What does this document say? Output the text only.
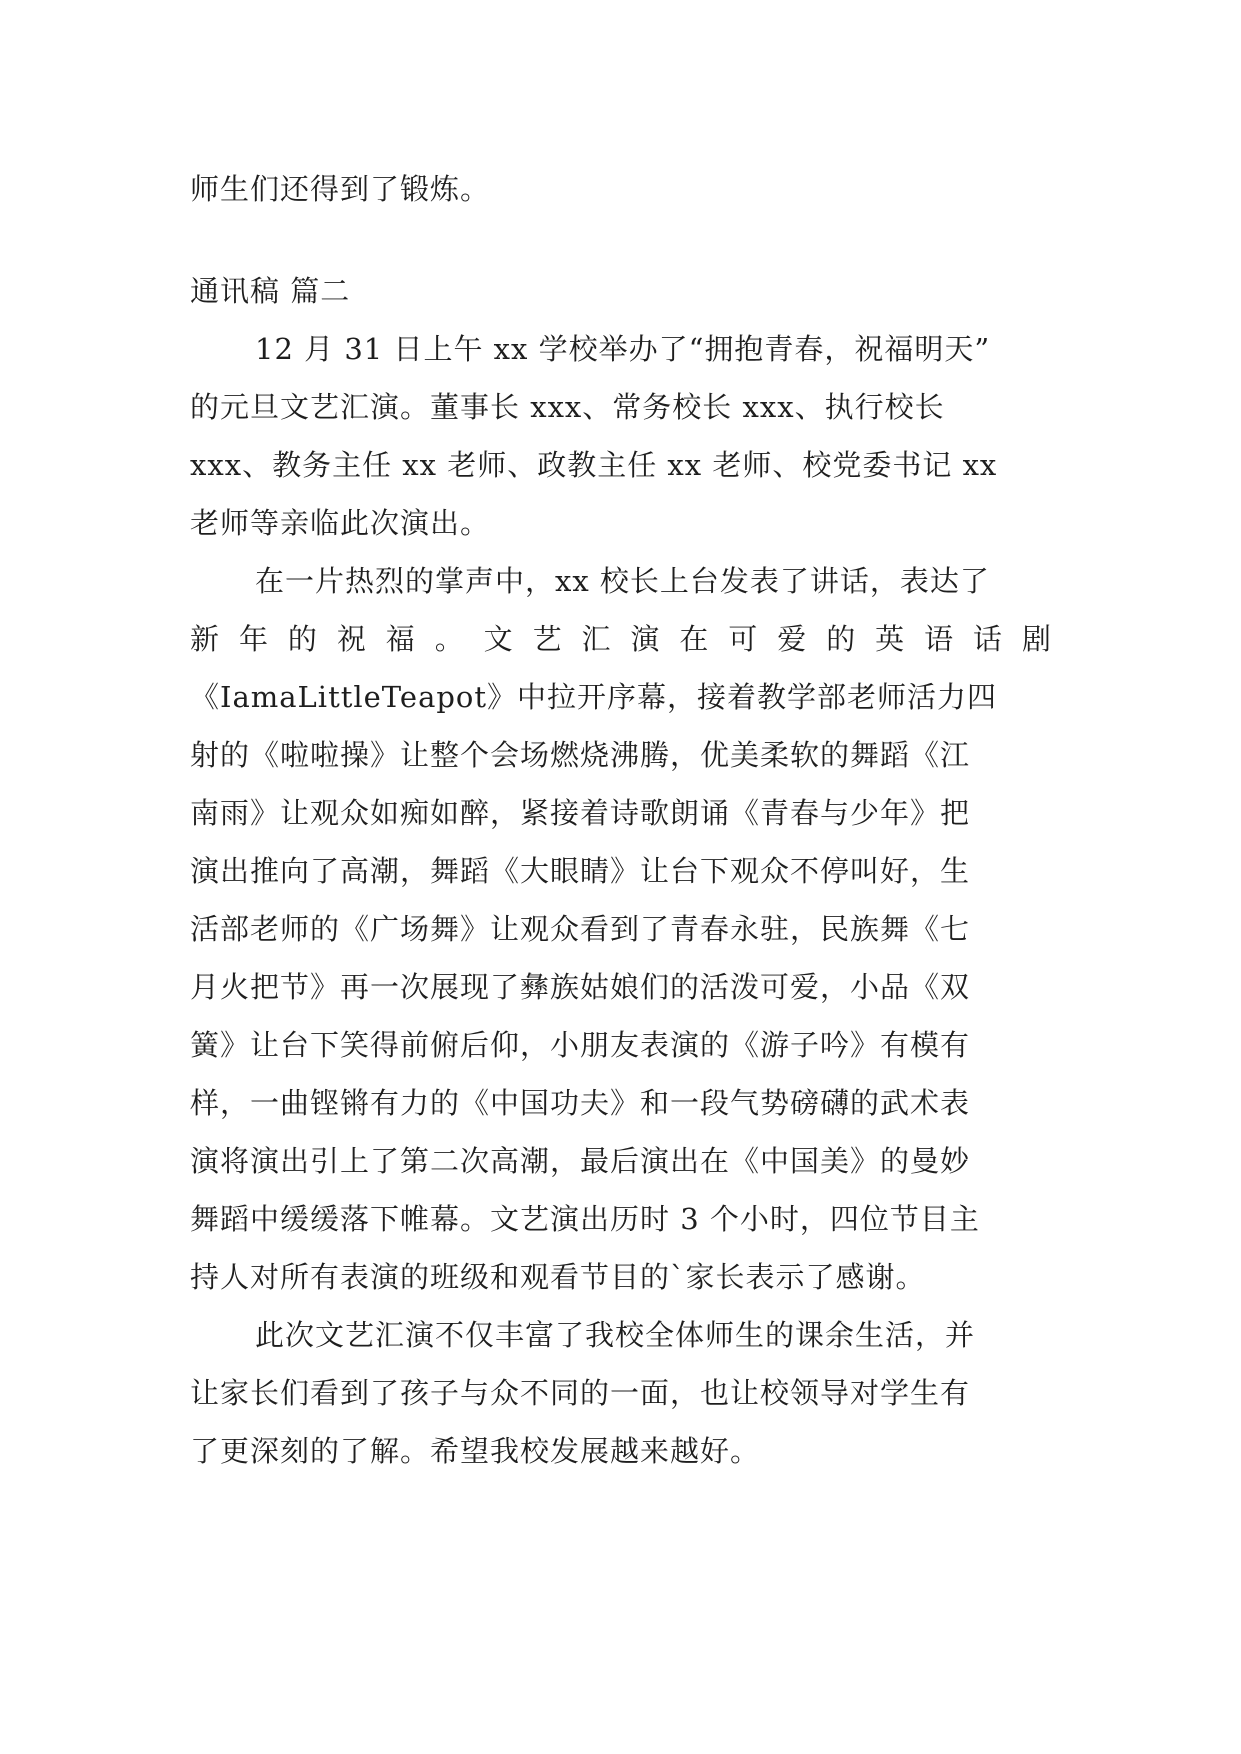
师生们还得到了锻炼。
通讯稿 篇二
12 月 31 日上午 xx 学校举办了“拥抱青春，祝福明天”
的元旦文艺汇演。董事长 xxx、常务校长 xxx、执行校长
xxx、教务主任 xx 老师、政教主任 xx 老师、校党委书记 xx
老师等亲临此次演出。
在一片热烈的掌声中，xx 校长上台发表了讲话，表达了
新年的祝福。文艺汇演在可爱的英语话剧
《IamaLittleTeapot》中拉开序幕，接着教学部老师活力四
射的《啦啦操》让整个会场燃烧沸腾，优美柔软的舞蹈《江
南雨》让观众如痴如醉，紧接着诗歌朗诵《青春与少年》把
演出推向了高潮，舞蹈《大眼睛》让台下观众不停叫好，生
活部老师的《广场舞》让观众看到了青春永驻，民族舞《七
月火把节》再一次展现了彝族姑娘们的活泼可爱，小品《双
簧》让台下笑得前俯后仰，小朋友表演的《游子吟》有模有
样，一曲铿锵有力的《中国功夫》和一段气势磅礴的武术表
演将演出引上了第二次高潮，最后演出在《中国美》的曼妙
舞蹈中缓缓落下帷幕。文艺演出历时 3 个小时，四位节目主
持人对所有表演的班级和观看节目的`家长表示了感谢。
此次文艺汇演不仅丰富了我校全体师生的课余生活，并
让家长们看到了孩子与众不同的一面，也让校领导对学生有
了更深刻的了解。希望我校发展越来越好。
